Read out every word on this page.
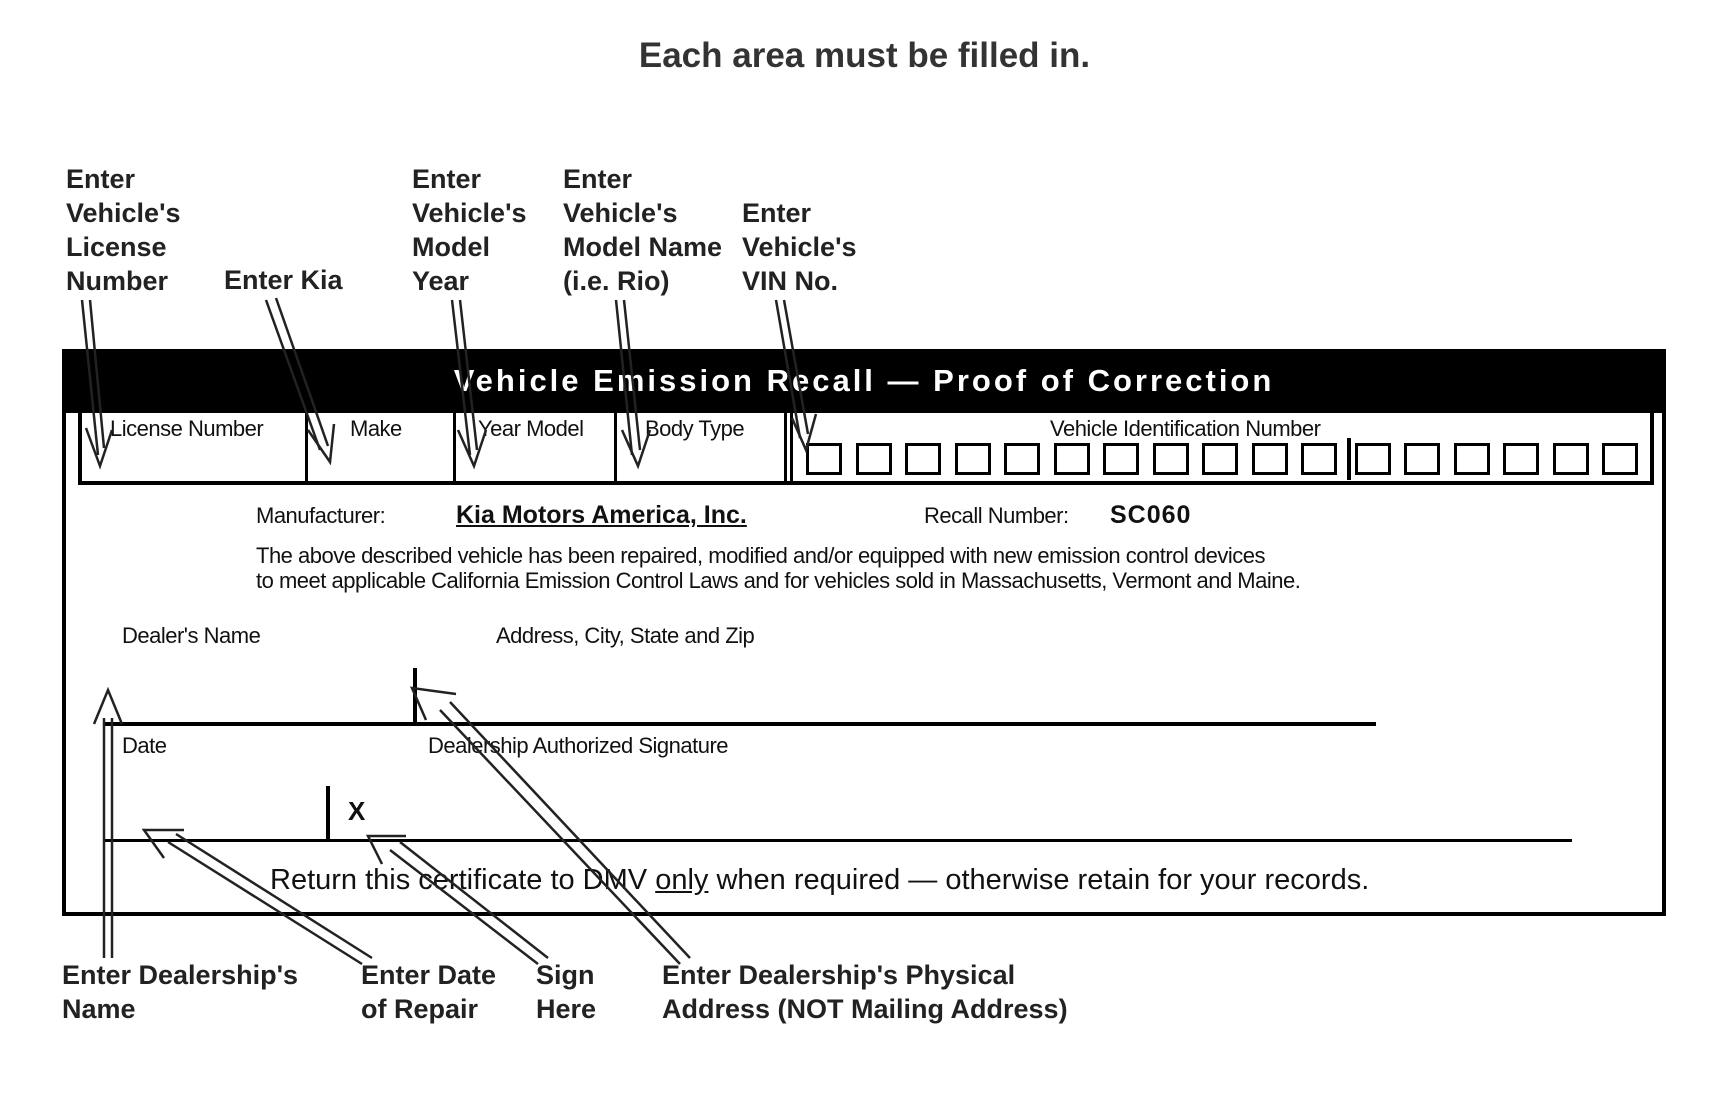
Each area must be filled in.
Enter
Vehicle's
License
Number	Enter Kia
Enter
Vehicle's
Model
Year
Enter
Vehicle's
Model Name
(i.e. Rio)
Enter
Vehicle's
VIN No.
Vehicle Emission Recall — Proof of Correction
License Number	Make	Year Model	Body Type	Vehicle Identification Number
Manufacturer:	Kia Motors America, Inc.	Recall Number: SC060
The above described vehicle has been repaired, modified and/or equipped with new emission control devices
to meet applicable California Emission Control Laws and for vehicles sold in Massachusetts, Vermont and Maine.
Dealer's Name	Address, City, State and Zip
Date	Dealership Authorized Signature
X
Return this certificate to DMV only when required — otherwise retain for your records.
Enter Dealership's
Name
Enter Date
of Repair
Sign
Here
Enter Dealership's Physical
Address (NOT Mailing Address)
